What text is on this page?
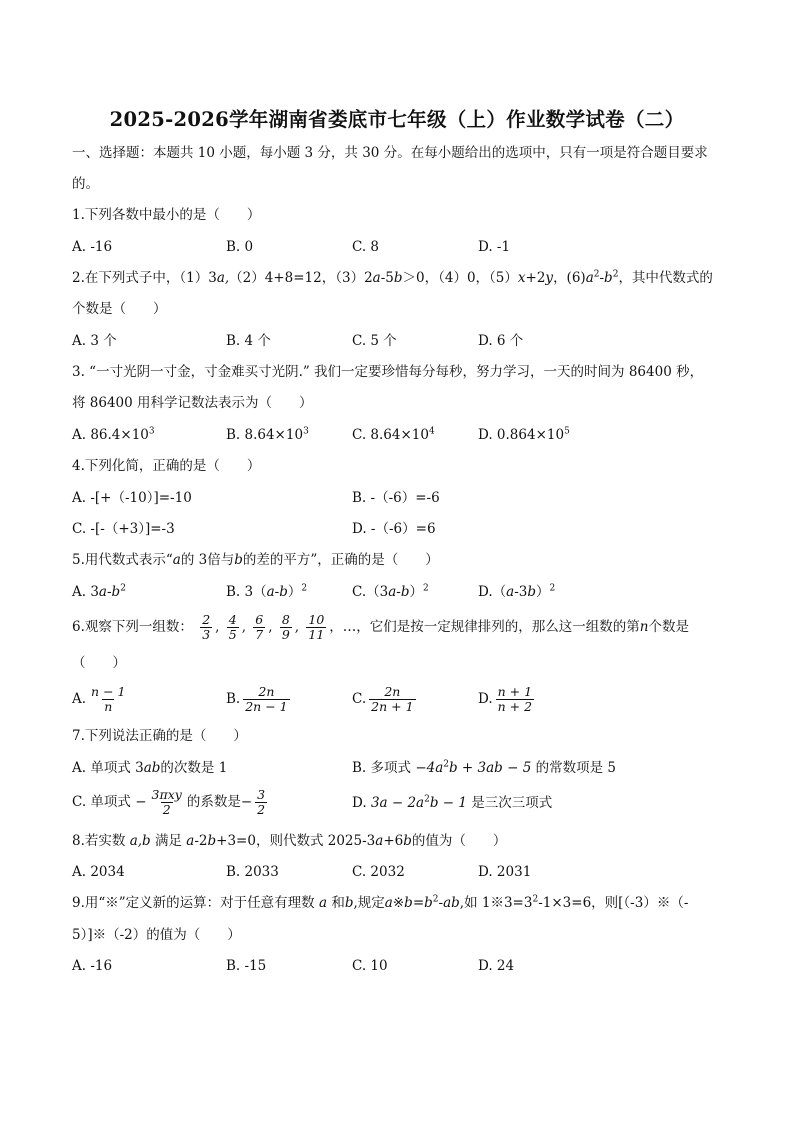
2025-2026学年湖南省娄底市七年级（上）作业数学试卷（二）
一、选择题：本题共 10 小题，每小题 3 分，共 30 分。在每小题给出的选项中，只有一项是符合题目要求
的。
1.下列各数中最小的是（　　）
A. -16	B. 0	C. 8	D. -1
2.在下列式子中，（1）3a,（2）4+8=12，（3）2a-5b＞0，（4）0，（5）x+2y，$(6)a^2-b^2$，其中代数式的
个数是（　　）
A. 3 个	B. 4 个	C. 5 个	D. 6 个
3. “一寸光阴一寸金，寸金难买寸光阴.” 我们一定要珍惜每分每秒，努力学习，一天的时间为 86400 秒，
将 86400 用科学记数法表示为（　　）
A. $86.4\times 10^3$	B. $8.64\times 10^3$	C. $8.64\times 10^4$	D. $0.864\times 10^5$
4.下列化简，正确的是（　　）
A. -[+（-10）]=-10	B. -（-6）=-6
C. -[-（+3）]=-3	D. -（-6）=6
5.用代数式表示“a的 3倍与b的差的平方”，正确的是（　　）
A. $3a-b^2$	B. $3(a-b)^2$	$C.(3a-b)^2$	$D.(a-3b)^2$
6.观察下列一组数： $\frac{2}{3}$ , $\frac{4}{5}$ , $\frac{6}{7}$ , $\frac{8}{9}$ , $\frac{10}{11}$ ，…，它们是按一定规律排列的，那么这一组数的第n个数是
（　　）
A. $\frac{n - 1}{n}$	B. $\frac{2n}{2n - 1}$	C. $\frac{2n}{2n + 1}$	D. $\frac{n + 1}{n + 2}$
7.下列说法正确的是（　　）
A. 单项式 3ab的次数是 1	B. 多项式 $-4a^2b + 3ab - 5$ 的常数项是 5
C. 单项式 − $\frac{\text{3πxy}}{2}$ 的系数是− $\frac{3}{2}$	D. $3a - 2a^2b - 1$ 是三次三项式
8.若实数 a,b 满足 a-2b+3=0，则代数式 2025-3a+6b的值为（　　）
A. 2034	B. 2033	C. 2032	D. 2031
9.用“※”定义新的运算：对于任意有理数 a 和b,规定$a※b=b^2-ab$,如 $1※3=3^2-1\times 3=6$，则[（-3）※（-
5）]※（-2）的值为（　　）
A. -16	B. -15	C. 10	D. 24
